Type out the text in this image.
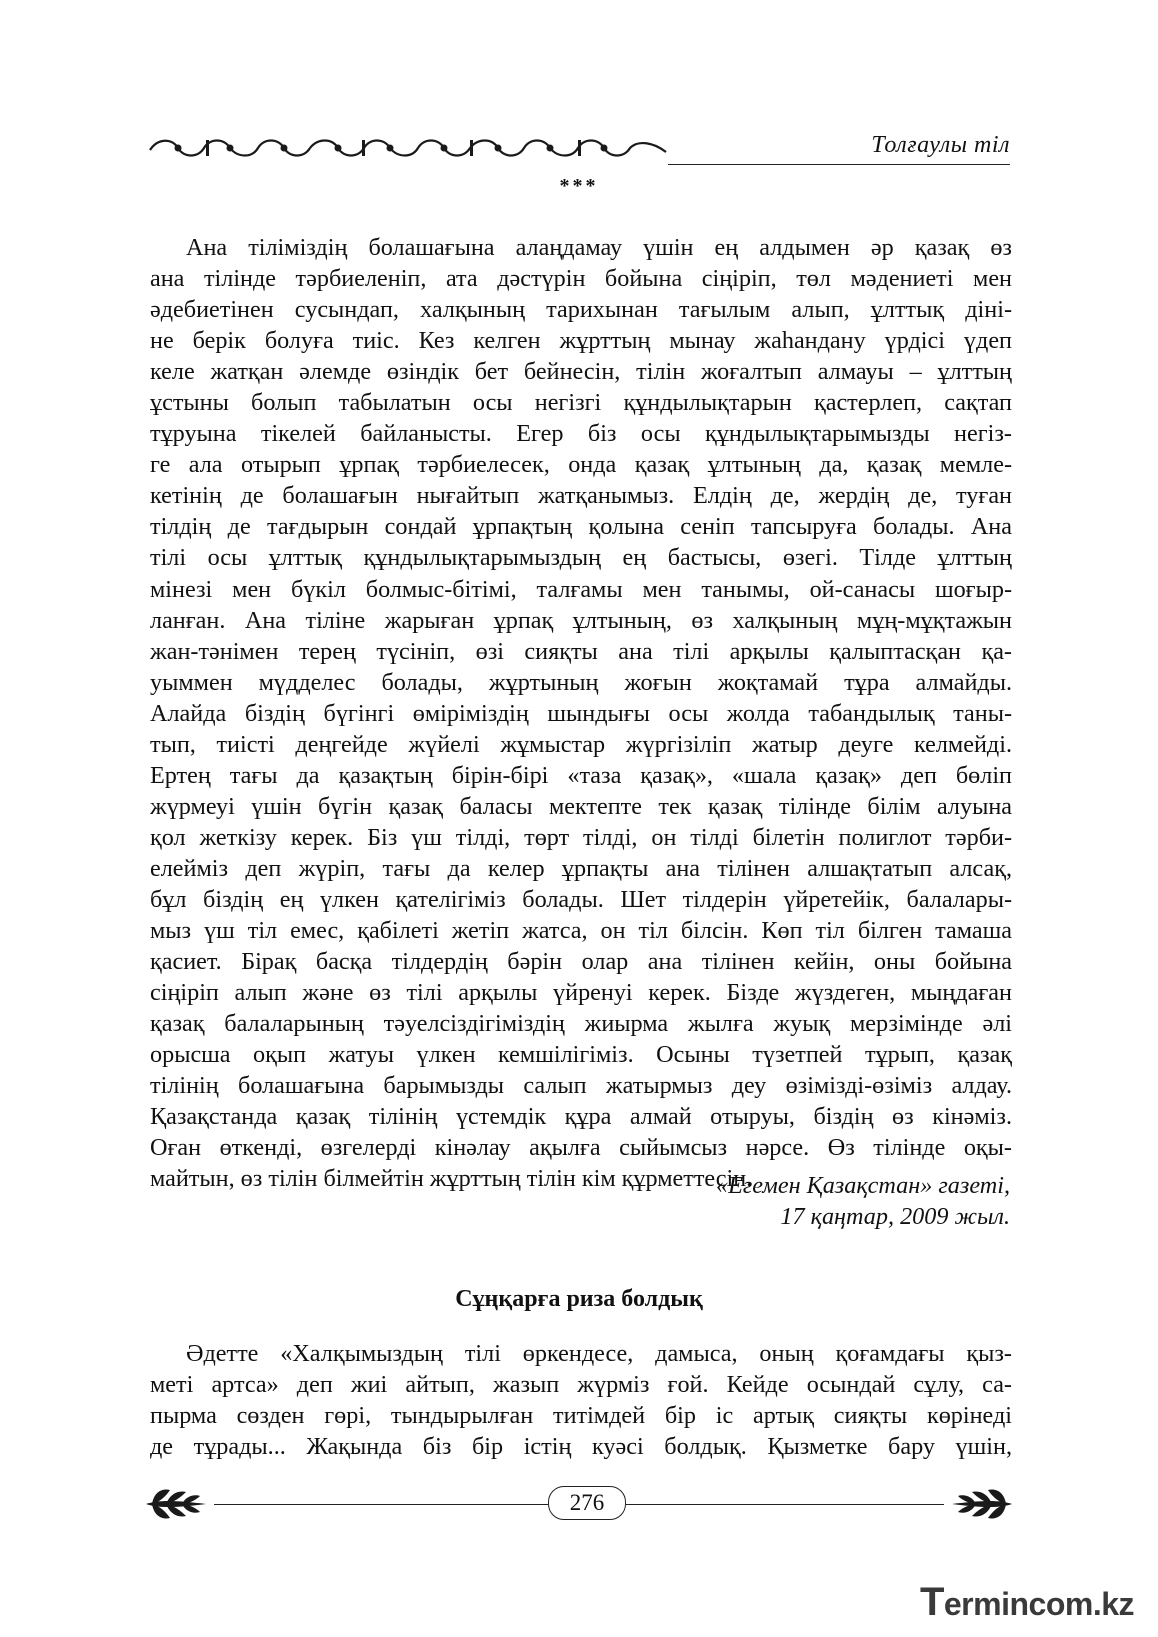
Толғаулы тіл
***
Ана тіліміздің болашағына алаңдамау үшін ең алдымен әр қазақ өз
ана тілінде тәрбиеленіп, ата дәстүрін бойына сіңіріп, төл мәдениеті мен
әдебиетінен сусындап, халқының тарихынан тағылым алып, ұлттық діні-
не берік болуға тиіс. Кез келген жұрттың мынау жаһандану үрдісі үдеп
келе жатқан әлемде өзіндік бет бейнесін, тілін жоғалтып алмауы – ұлттың
ұстыны болып табылатын осы негізгі құндылықтарын қастерлеп, сақтап
тұруына тікелей байланысты. Егер біз осы құндылықтарымызды негіз-
ге ала отырып ұрпақ тәрбиелесек, онда қазақ ұлтының да, қазақ мемле-
кетінің де болашағын нығайтып жатқанымыз. Елдің де, жердің де, туған
тілдің де тағдырын сондай ұрпақтың қолына сеніп тапсыруға болады. Ана
тілі осы ұлттық құндылықтарымыздың ең бастысы, өзегі. Тілде ұлттың
мінезі мен бүкіл болмыс-бітімі, талғамы мен танымы, ой-санасы шоғыр-
ланған. Ана тіліне жарыған ұрпақ ұлтының, өз халқының мұң-мұқтажын
жан-тәнімен терең түсініп, өзі сияқты ана тілі арқылы қалыптасқан қа-
уыммен мүдделес болады, жұртының жоғын жоқтамай тұра алмайды.
Алайда біздің бүгінгі өміріміздің шындығы осы жолда табандылық таны-
тып, тиісті деңгейде жүйелі жұмыстар жүргізіліп жатыр деуге келмейді.
Ертең тағы да қазақтың бірін-бірі «таза қазақ», «шала қазақ» деп бөліп
жүрмеуі үшін бүгін қазақ баласы мектепте тек қазақ тілінде білім алуына
қол жеткізу керек. Біз үш тілді, төрт тілді, он тілді білетін полиглот тәрби-
елейміз деп жүріп, тағы да келер ұрпақты ана тілінен алшақтатып алсақ,
бұл біздің ең үлкен қателігіміз болады. Шет тілдерін үйретейік, балалары-
мыз үш тіл емес, қабілеті жетіп жатса, он тіл білсін. Көп тіл білген тамаша
қасиет. Бірақ басқа тілдердің бәрін олар ана тілінен кейін, оны бойына
сіңіріп алып және өз тілі арқылы үйренуі керек. Бізде жүздеген, мыңдаған
қазақ балаларының тәуелсіздігіміздің жиырма жылға жуық мерзімінде әлі
орысша оқып жатуы үлкен кемшілігіміз. Осыны түзетпей тұрып, қазақ
тілінің болашағына барымызды салып жатырмыз деу өзімізді-өзіміз алдау.
Қазақстанда қазақ тілінің үстемдік құра алмай отыруы, біздің өз кінәміз.
Оған өткенді, өзгелерді кінәлау ақылға сыйымсыз нәрсе. Өз тілінде оқы-
майтын, өз тілін білмейтін жұрттың тілін кім құрметтесін.
«Егемен Қазақстан» газеті,
17 қаңтар, 2009 жыл.
Сұңқарға риза болдық
Әдетте «Халқымыздың тілі өркендесе, дамыса, оның қоғамдағы қыз-
меті артса» деп жиі айтып, жазып жүрміз ғой. Кейде осындай сұлу, са-
пырма сөзден гөрі, тындырылған титімдей бір іс артық сияқты көрінеді
де тұрады... Жақында біз бір істің куәсі болдық. Қызметке бару үшін,
276
Termincom.kz
